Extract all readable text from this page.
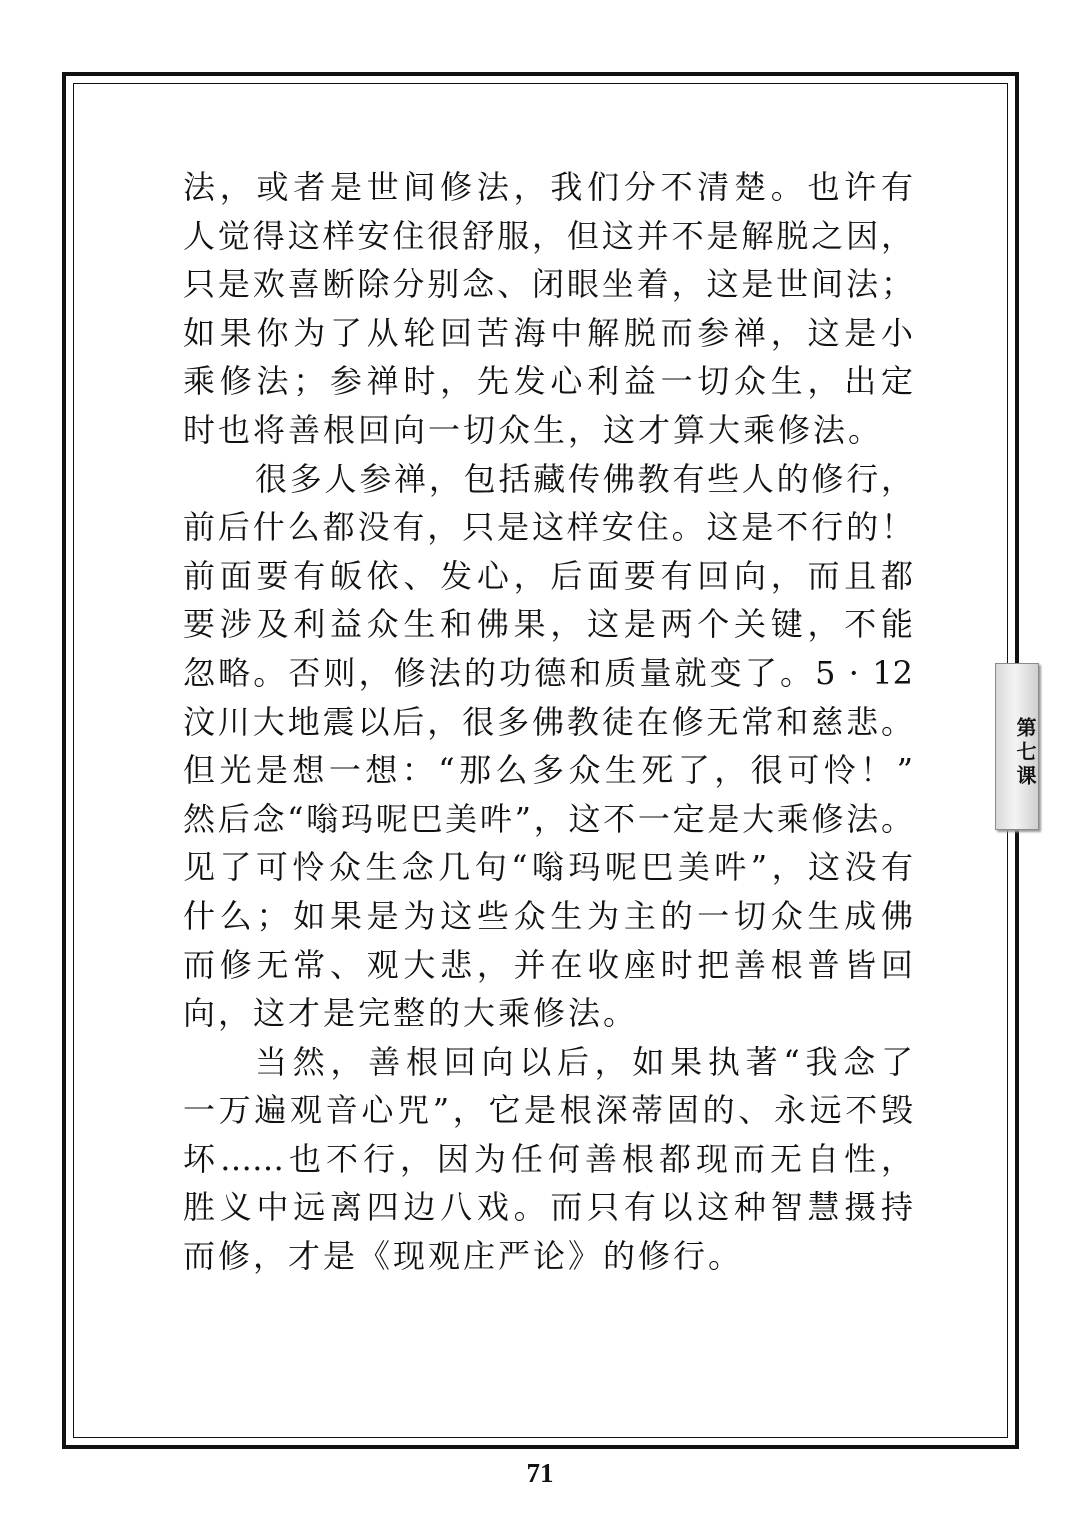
法，或者是世间修法，我们分不清楚。也许有
人觉得这样安住很舒服，但这并不是解脱之因，
只是欢喜断除分别念、闭眼坐着，这是世间法；
如果你为了从轮回苦海中解脱而参禅，这是小
乘修法；参禅时，先发心利益一切众生，出定
时也将善根回向一切众生，这才算大乘修法。
很多人参禅，包括藏传佛教有些人的修行，
前后什么都没有，只是这样安住。这是不行的！
前面要有皈依、发心，后面要有回向，而且都
要涉及利益众生和佛果，这是两个关键，不能
忽略。否则，修法的功德和质量就变了。5 · 12
汶川大地震以后，很多佛教徒在修无常和慈悲。
但光是想一想：“那么多众生死了，很可怜！”
然后念“嗡玛呢巴美吽”，这不一定是大乘修法。
见了可怜众生念几句“嗡玛呢巴美吽”，这没有
什么；如果是为这些众生为主的一切众生成佛
而修无常、观大悲，并在收座时把善根普皆回
向，这才是完整的大乘修法。
当然，善根回向以后，如果执著“我念了
一万遍观音心咒”，它是根深蒂固的、永远不毁
坏……也不行，因为任何善根都现而无自性，
胜义中远离四边八戏。而只有以这种智慧摄持
而修，才是《现观庄严论》的修行。
第七课
71
